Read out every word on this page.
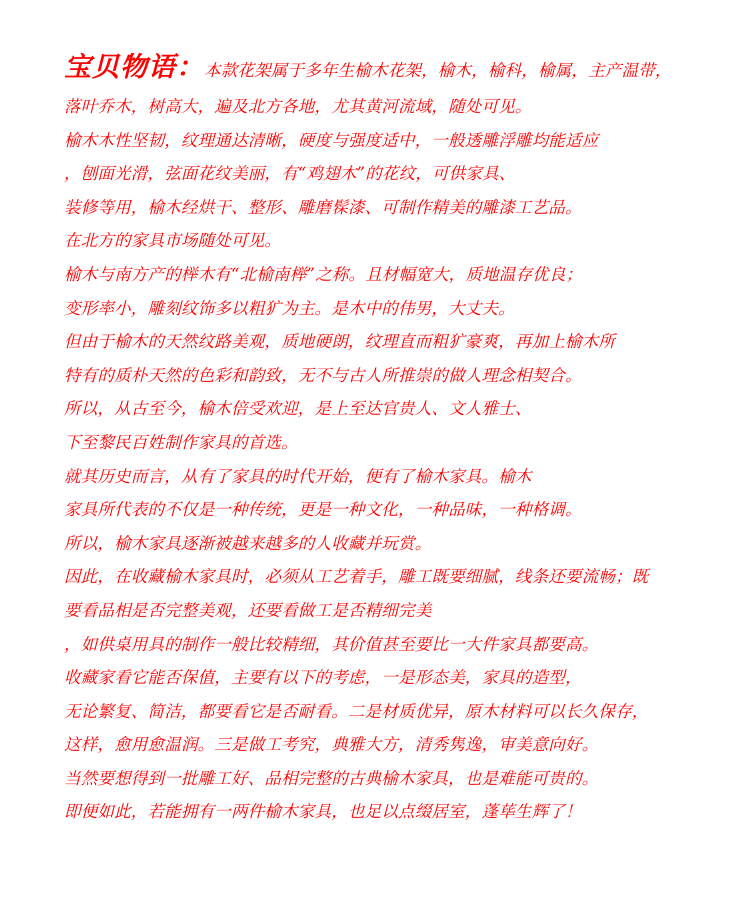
宝贝物语：本款花架属于多年生榆木花架，榆木，榆科，榆属，主产温带，
落叶乔木，树高大，遍及北方各地，尤其黄河流域，随处可见。
榆木木性坚韧，纹理通达清晰，硬度与强度适中，一般透雕浮雕均能适应
，刨面光滑，弦面花纹美丽，有“鸡翅木”的花纹，可供家具、
装修等用，榆木经烘干、整形、雕磨髹漆、可制作精美的雕漆工艺品。
在北方的家具市场随处可见。
榆木与南方产的榉木有“北榆南榉”之称。且材幅宽大，质地温存优良；
变形率小，雕刻纹饰多以粗犷为主。是木中的伟男，大丈夫。
但由于榆木的天然纹路美观，质地硬朗，纹理直而粗犷豪爽，再加上榆木所
特有的质朴天然的色彩和韵致，无不与古人所推崇的做人理念相契合。
所以，从古至今，榆木倍受欢迎，是上至达官贵人、文人雅士、
下至黎民百姓制作家具的首选。
就其历史而言，从有了家具的时代开始，便有了榆木家具。榆木
家具所代表的不仅是一种传统，更是一种文化，一种品味，一种格调。
所以，榆木家具逐渐被越来越多的人收藏并玩赏。
因此，在收藏榆木家具时，必须从工艺着手，雕工既要细腻，线条还要流畅；既
要看品相是否完整美观，还要看做工是否精细完美
，如供桌用具的制作一般比较精细，其价值甚至要比一大件家具都要高。
收藏家看它能否保值，主要有以下的考虑，一是形态美，家具的造型，
无论繁复、简洁，都要看它是否耐看。二是材质优异，原木材料可以长久保存，
这样，愈用愈温润。三是做工考究，典雅大方，清秀隽逸，审美意向好。
当然要想得到一批雕工好、品相完整的古典榆木家具，也是难能可贵的。
即便如此，若能拥有一两件榆木家具，也足以点缀居室，蓬荜生辉了！
